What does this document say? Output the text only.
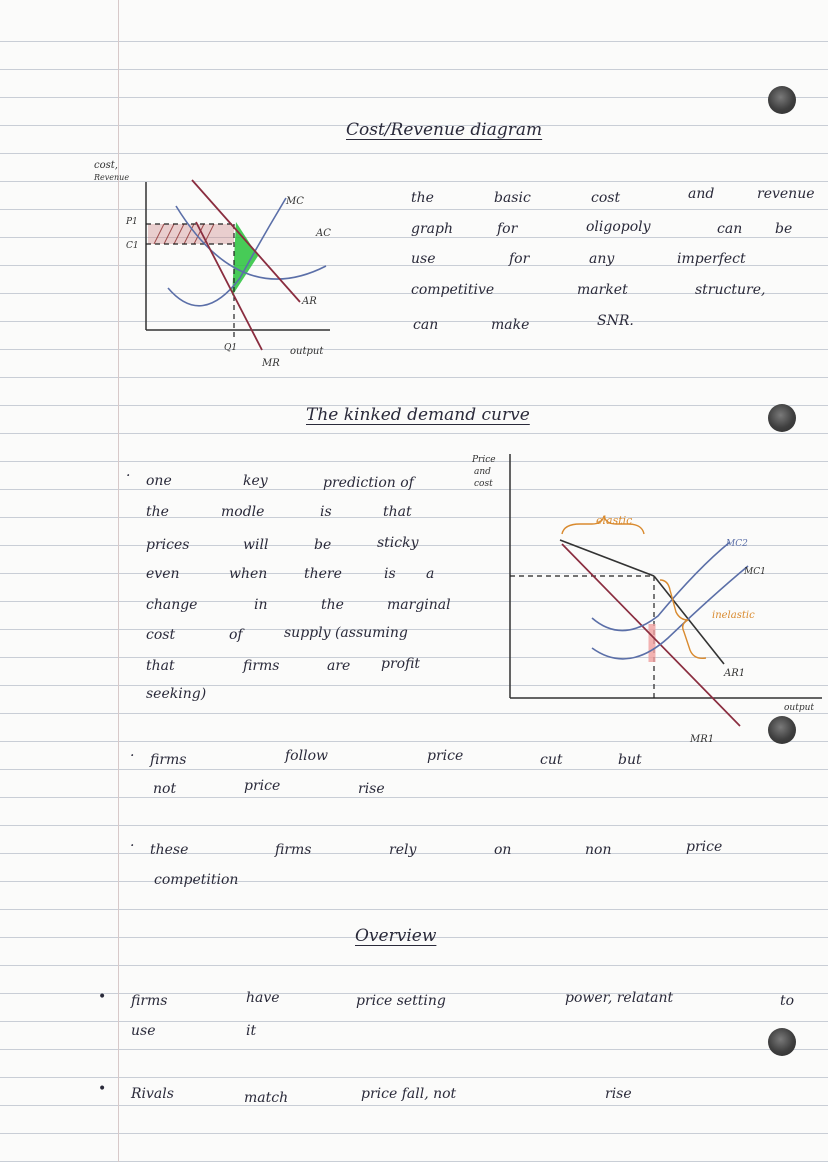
Cost/Revenue diagram
cost,
Revenue
P1
C1
Q1
MC
AC
AR
MR
output
the	basic	cost	and	revenue
graph	for	oligopoly	can be
use	for	any	imperfect
competitive	market	structure,
can	make	SNR.
The kinked demand curve
· one	key	prediction of
the	modle	is	that
prices	will	be	sticky
even	when	there	is a
change	in	the	marginal
cost	of	supply (assuming
that	firms	are profit
seeking)
Price
and
cost
elastic
inelastic
MC2
MC1
AR1
MR1
output
· firms	follow	price	cut	but
not	price	rise
· these	firms	rely	on	non	price
competition
Overview
• firms	have	price setting	power, relatant	to
use	it
• Rivals	match	price fall, not	rise
